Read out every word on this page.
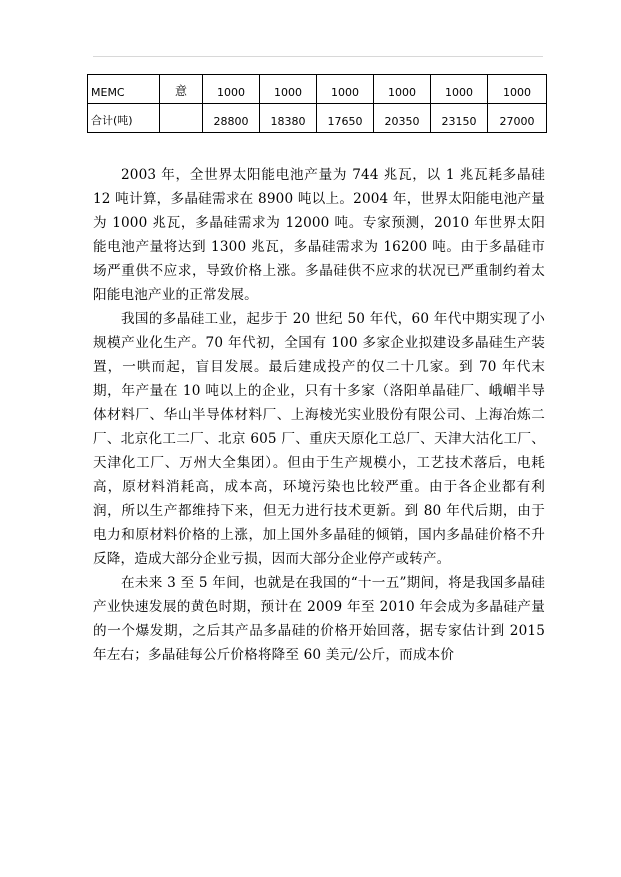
MEMC	意	1000	1000	1000	1000	1000	1000
合计(吨)		28800	18380	17650	20350	23150	27000

2003 年，全世界太阳能电池产量为 744 兆瓦，以 1 兆瓦耗多晶硅 12 吨计算，多晶硅需求在 8900 吨以上。2004 年，世界太阳能电池产量为 1000 兆瓦，多晶硅需求为 12000 吨。专家预测，2010 年世界太阳能电池产量将达到 1300 兆瓦，多晶硅需求为 16200 吨。由于多晶硅市场严重供不应求，导致价格上涨。多晶硅供不应求的状况已严重制约着太阳能电池产业的正常发展。

我国的多晶硅工业，起步于 20 世纪 50 年代，60 年代中期实现了小规模产业化生产。70 年代初，全国有 100 多家企业拟建设多晶硅生产装置，一哄而起，盲目发展。最后建成投产的仅二十几家。到 70 年代末期，年产量在 10 吨以上的企业，只有十多家（洛阳单晶硅厂、峨嵋半导体材料厂、华山半导体材料厂、上海棱光实业股份有限公司、上海冶炼二厂、北京化工二厂、北京 605 厂、重庆天原化工总厂、天津大沽化工厂、天津化工厂、万州大全集团）。但由于生产规模小，工艺技术落后，电耗高，原材料消耗高，成本高，环境污染也比较严重。由于各企业都有利润，所以生产都维持下来，但无力进行技术更新。到 80 年代后期，由于电力和原材料价格的上涨，加上国外多晶硅的倾销，国内多晶硅价格不升反降，造成大部分企业亏损，因而大部分企业停产或转产。

在未来 3 至 5 年间，也就是在我国的“十一五”期间，将是我国多晶硅产业快速发展的黄色时期，预计在 2009 年至 2010 年会成为多晶硅产量的一个爆发期，之后其产品多晶硅的价格开始回落，据专家估计到 2015 年左右；多晶硅每公斤价格将降至 60 美元/公斤，而成本价
